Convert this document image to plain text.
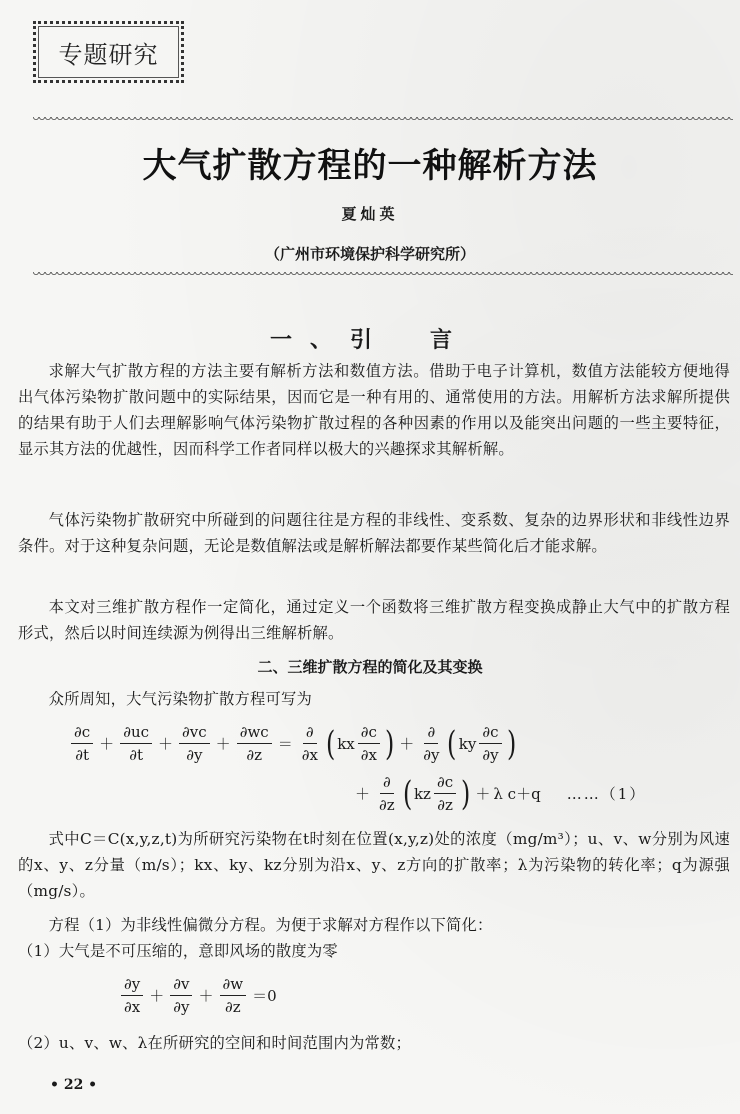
专题研究
大气扩散方程的一种解析方法
夏灿英
（广州市环境保护科学研究所）
一、引　言

求解大气扩散方程的方法主要有解析方法和数值方法。借助于电子计算机，数值方法能较方便地得出气体污染物扩散问题中的实际结果，因而它是一种有用的、通常使用的方法。用解析方法求解所提供的结果有助于人们去理解影响气体污染物扩散过程的各种因素的作用以及能突出问题的一些主要特征，显示其方法的优越性，因而科学工作者同样以极大的兴趣探求其解析解。

气体污染物扩散研究中所碰到的问题往往是方程的非线性、变系数、复杂的边界形状和非线性边界条件。对于这种复杂问题，无论是数值解法或是解析解法都要作某些简化后才能求解。

本文对三维扩散方程作一定简化，通过定义一个函数将三维扩散方程变换成静止大气中的扩散方程形式，然后以时间连续源为例得出三维解析解。

二、三维扩散方程的简化及其变换

众所周知，大气污染物扩散方程可写为

$\frac{\partial c}{\partial t} + \frac{\partial uc}{\partial t} + \frac{\partial vc}{\partial y} + \frac{\partial wc}{\partial z} = \frac{\partial}{\partial x}$ ( kx $\frac{\partial c}{\partial x}$ ) ＋ $\frac{\partial}{\partial y}$ ( ky $\frac{\partial c}{\partial y}$ )
＋ $\frac{\partial}{\partial z}$ ( kz $\frac{\partial c}{\partial z}$ ) ＋ λ c＋q ……（1）

式中C＝C(x,y,z,t)为所研究污染物在t时刻在位置(x,y,z)处的浓度（mg/m³）；u、v、w分别为风速的x、y、z分量（m/s）；kx、ky、kz分别为沿x、y、z方向的扩散率；λ为污染物的转化率；q为源强（mg/s）。

方程（1）为非线性偏微分方程。为便于求解对方程作以下简化：

（1）大气是不可压缩的，意即风场的散度为零

$\frac{\partial y}{\partial x} + \frac{\partial v}{\partial y} + \frac{\partial w}{\partial z} =0$

（2）u、v、w、λ在所研究的空间和时间范围内为常数；

• 22 •
